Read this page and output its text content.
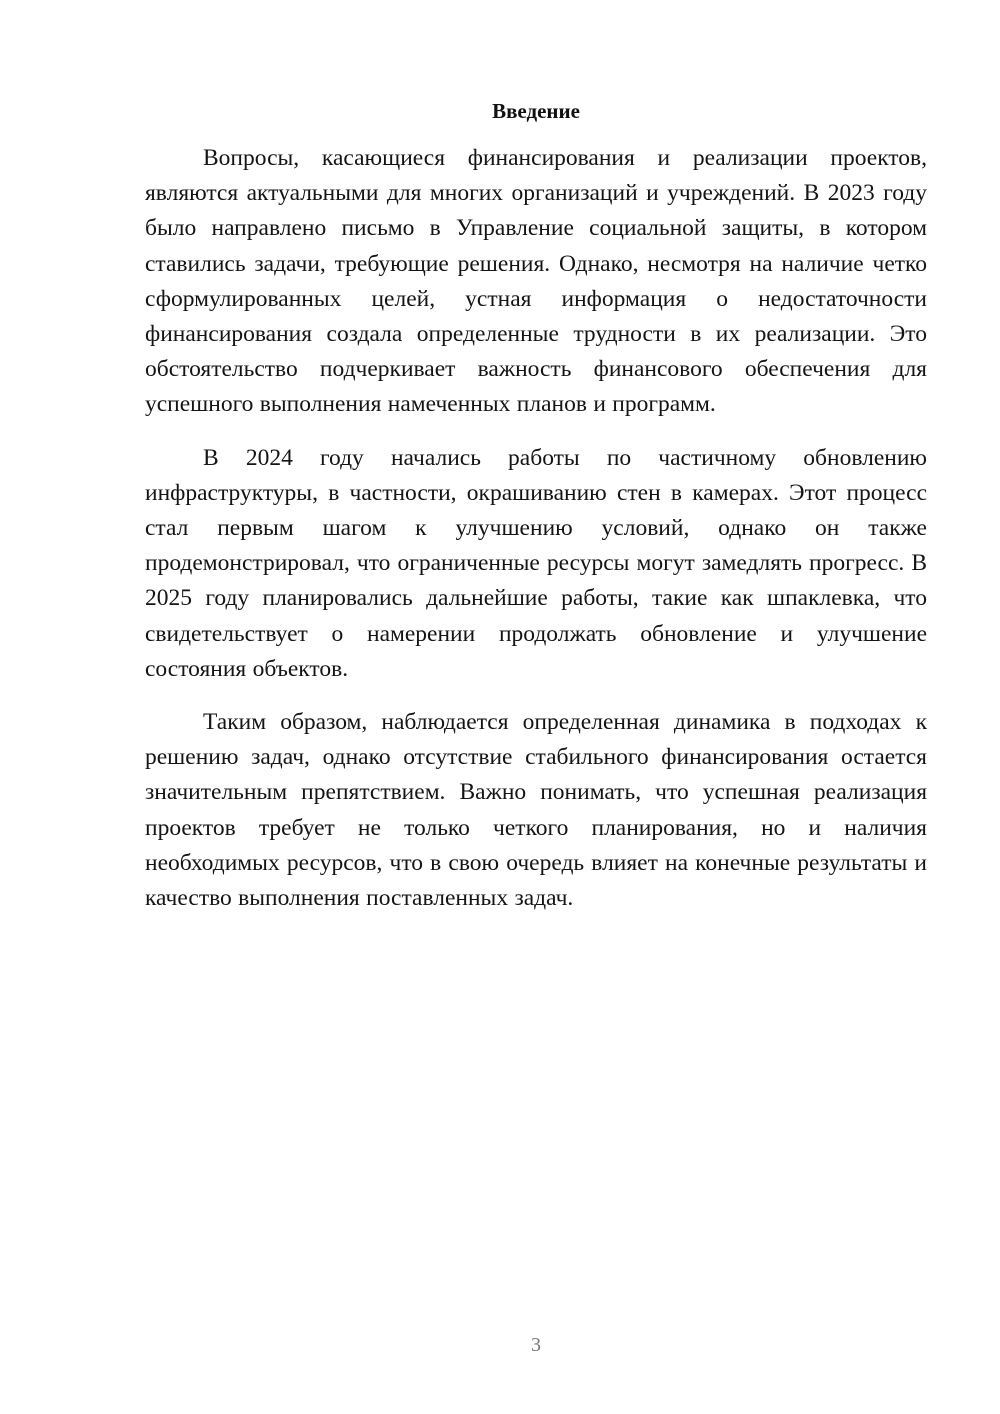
Введение

Вопросы, касающиеся финансирования и реализации проектов, являются актуальными для многих организаций и учреждений. В 2023 году было направлено письмо в Управление социальной защиты, в котором ставились задачи, требующие решения. Однако, несмотря на наличие четко сформулированных целей, устная информация о недостаточности финансирования создала определенные трудности в их реализации. Это обстоятельство подчеркивает важность финансового обеспечения для успешного выполнения намеченных планов и программ.

В 2024 году начались работы по частичному обновлению инфраструктуры, в частности, окрашиванию стен в камерах. Этот процесс стал первым шагом к улучшению условий, однако он также продемонстрировал, что ограниченные ресурсы могут замедлять прогресс. В 2025 году планировались дальнейшие работы, такие как шпаклевка, что свидетельствует о намерении продолжать обновление и улучшение состояния объектов.

Таким образом, наблюдается определенная динамика в подходах к решению задач, однако отсутствие стабильного финансирования остается значительным препятствием. Важно понимать, что успешная реализация проектов требует не только четкого планирования, но и наличия необходимых ресурсов, что в свою очередь влияет на конечные результаты и качество выполнения поставленных задач.

3
